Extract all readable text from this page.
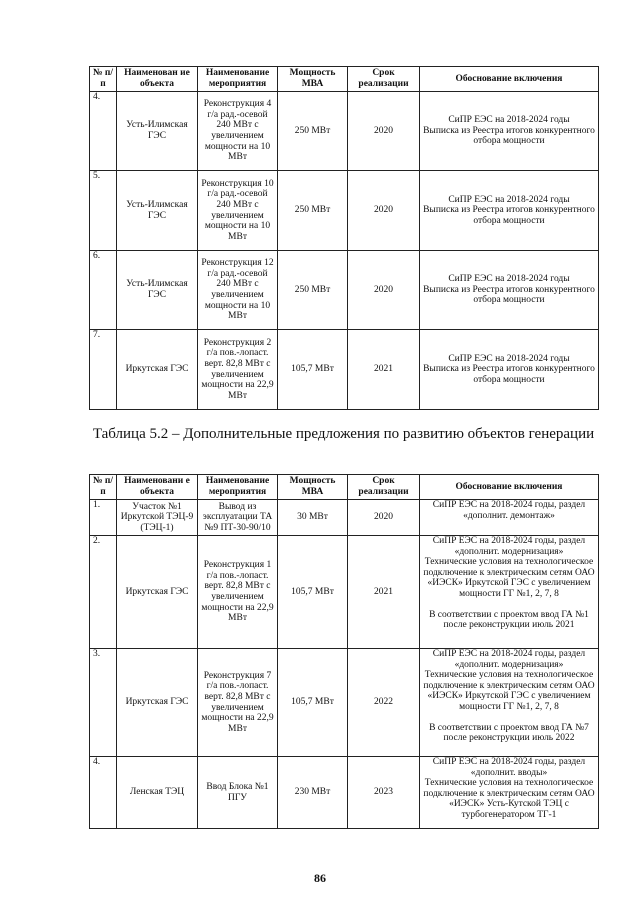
№ п/п	Наименован ие объекта	Наименование мероприятия	Мощность МВА	Срок реализации	Обоснование включения
4.	Усть-Илимская ГЭС	Реконструкция 4 г/а рад.-осевой 240 МВт с увеличением мощности на 10 МВт	250 МВт	2020	СиПР ЕЭС на 2018-2024 годы
Выписка из Реестра итогов конкурентного отбора мощности

5.	Усть-Илимская ГЭС	Реконструкция 10 г/а рад.-осевой 240 МВт с увеличением мощности на 10 МВт	250 МВт	2020	СиПР ЕЭС на 2018-2024 годы
Выписка из Реестра итогов конкурентного отбора мощности

6.	Усть-Илимская ГЭС	Реконструкция 12 г/а рад.-осевой 240 МВт с увеличением мощности на 10 МВт	250 МВт	2020	СиПР ЕЭС на 2018-2024 годы
Выписка из Реестра итогов конкурентного отбора мощности

7.	Иркутская ГЭС	Реконструкция 2 г/а пов.-лопаст. верт. 82,8 МВт с увеличением мощности на 22,9 МВт	105,7 МВт	2021	СиПР ЕЭС на 2018-2024 годы
Выписка из Реестра итогов конкурентного отбора мощности
Таблица 5.2 – Дополнительные предложения по развитию объектов генерации
№ п/п	Наименовани е объекта	Наименование мероприятия	Мощность МВА	Срок реализации	Обоснование включения
1.	Участок №1 Иркутской ТЭЦ-9 (ТЭЦ-1)	Вывод из эксплуатации ТА №9 ПТ-30-90/10	30 МВт	2020	СиПР ЕЭС на 2018-2024 годы, раздел «дополнит. демонтаж»

2.	Иркутская ГЭС	Реконструкция 1 г/а пов.-лопаст. верт. 82,8 МВт с увеличением мощности на 22,9 МВт	105,7 МВт	2021	СиПР ЕЭС на 2018-2024 годы, раздел «дополнит. модернизация»
Технические условия на технологическое подключение к электрическим сетям ОАО «ИЭСК» Иркутской ГЭС с увеличением мощности ГГ №1, 2, 7, 8
В соответствии с проектом ввод ГА №1 после реконструкции июль 2021

3.	Иркутская ГЭС	Реконструкция 7 г/а пов.-лопаст. верт. 82,8 МВт с увеличением мощности на 22,9 МВт	105,7 МВт	2022	СиПР ЕЭС на 2018-2024 годы, раздел «дополнит. модернизация»
Технические условия на технологическое подключение к электрическим сетям ОАО «ИЭСК» Иркутской ГЭС с увеличением мощности ГГ №1, 2, 7, 8
В соответствии с проектом ввод ГА №7 после реконструкции июль 2022

4.	Ленская ТЭЦ	Ввод Блока №1 ПГУ	230 МВт	2023	СиПР ЕЭС на 2018-2024 годы, раздел «дополнит. вводы»
Технические условия на технологическое подключение к электрическим сетям ОАО «ИЭСК» Усть-Кутской ТЭЦ с турбогенератором ТГ-1
86
